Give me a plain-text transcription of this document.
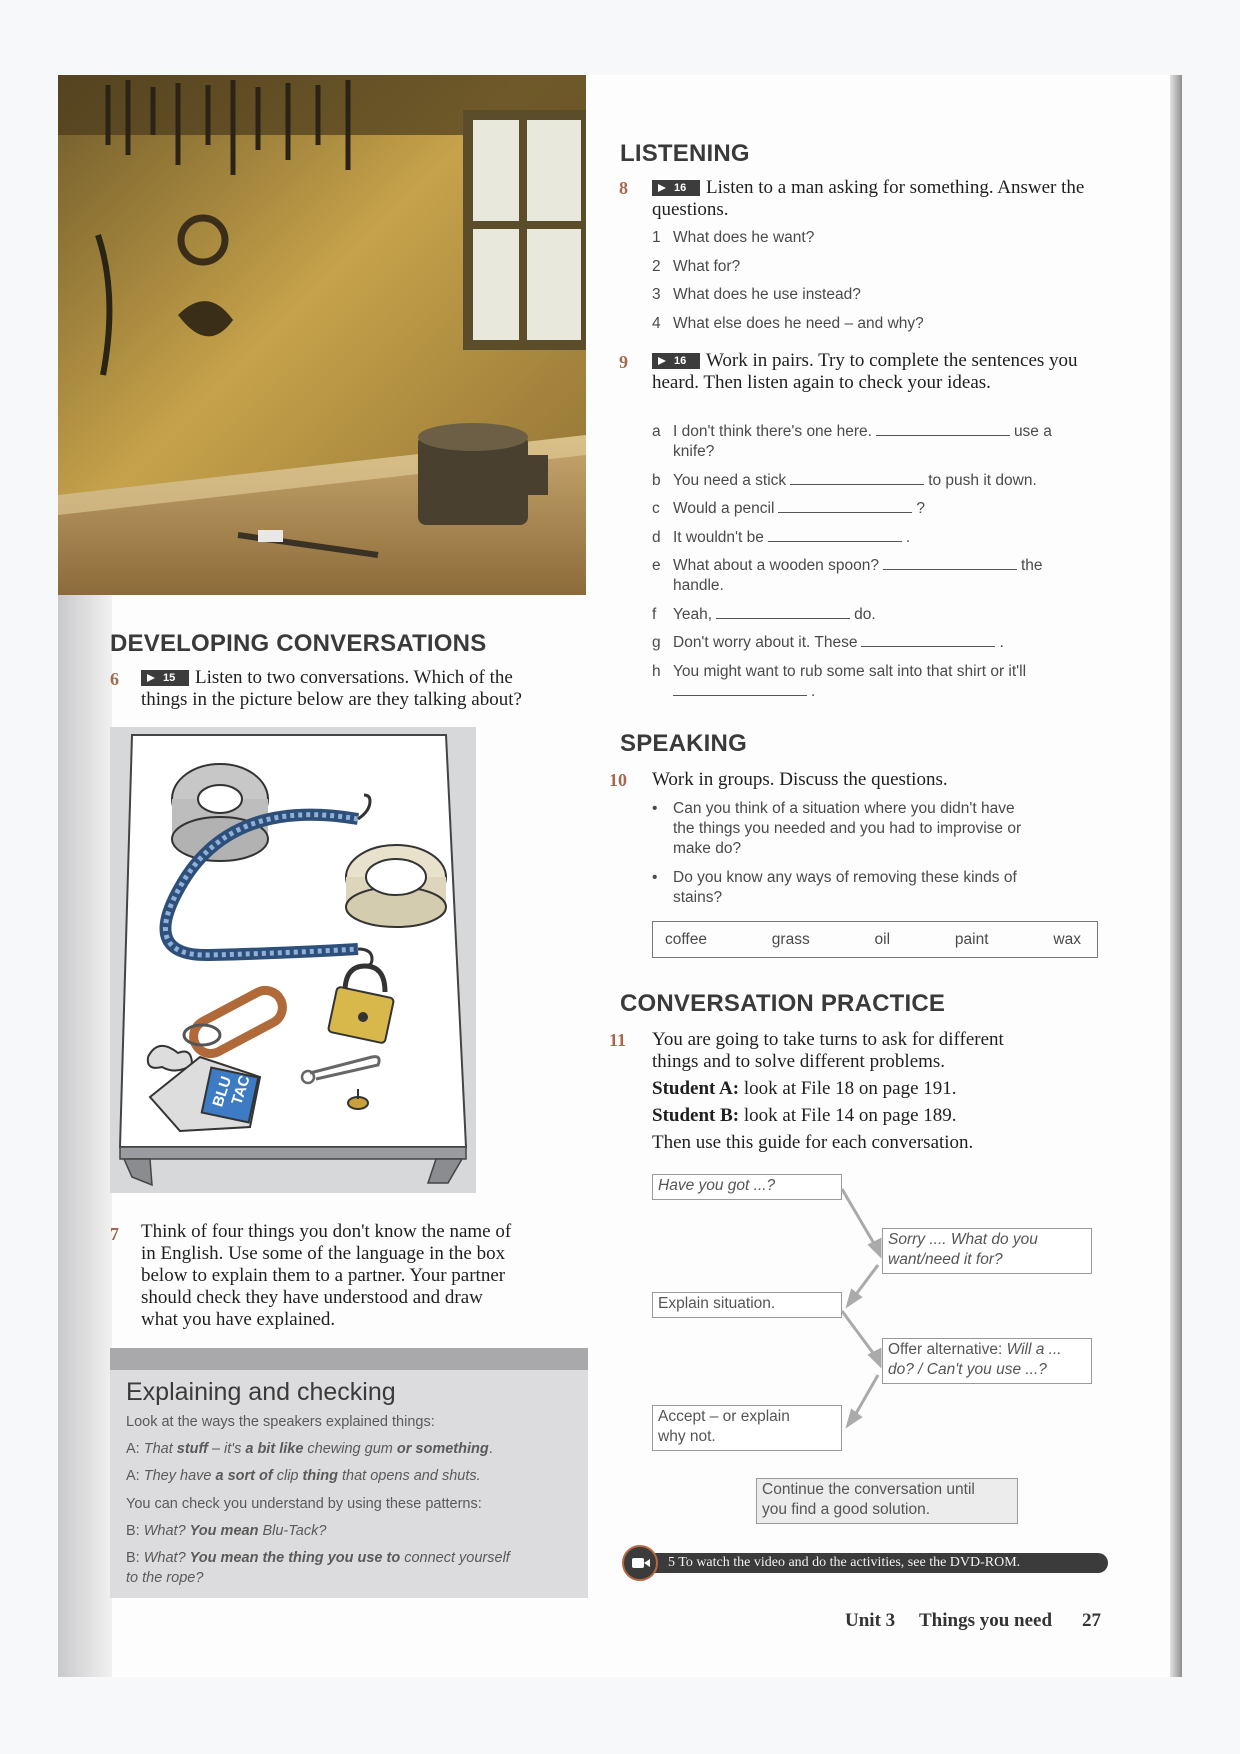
LISTENING
8	16 Listen to a man asking for something. Answer the questions.
1 What does he want?
2 What for?
3 What does he use instead?
4 What else does he need – and why?
9	16 Work in pairs. Try to complete the sentences you heard. Then listen again to check your ideas.
a I don't think there's one here.	use a
knife?
b You need a stick	to push it down.
c Would a pencil	?
d It wouldn't be	.
e What about a wooden spoon?	the
handle.
f	Yeah,	do.
g Don't worry about it. These	.
h You might want to rub some salt into that shirt or it'll
.
SPEAKING
10 Work in groups. Discuss the questions.
•	Can you think of a situation where you didn't have
the things you needed and you had to improvise or
make do?
•	Do you know any ways of removing these kinds of
stains?
coffee	grass	oil	paint	wax
CONVERSATION PRACTICE
11 You are going to take turns to ask for different
things and to solve different problems.
Student A: look at File 18 on page 191.
Student B: look at File 14 on page 189.
Then use this guide for each conversation.
Have you got ...?
Sorry .... What do you
want/need it for?
Explain situation.
Offer alternative: Will a ...
do? / Can't you use ...?
Accept – or explain
why not.
Continue the conversation until
you find a good solution.
5 To watch the video and do the activities, see the DVD-ROM.
DEVELOPING CONVERSATIONS
6	15 Listen to two conversations. Which of the
things in the picture below are they talking about?
BLU
TAC
7 Think of four things you don't know the name of
in English. Use some of the language in the box
below to explain them to a partner. Your partner
should check they have understood and draw
what you have explained.
Explaining and checking
Look at the ways the speakers explained things:
A: That stuff – it's a bit like chewing gum or something.
A: They have a sort of clip thing that opens and shuts.
You can check you understand by using these patterns:
B: What? You mean Blu-Tack?
B: What? You mean the thing you use to connect yourself
to the rope?
Unit 3 Things you need 27
